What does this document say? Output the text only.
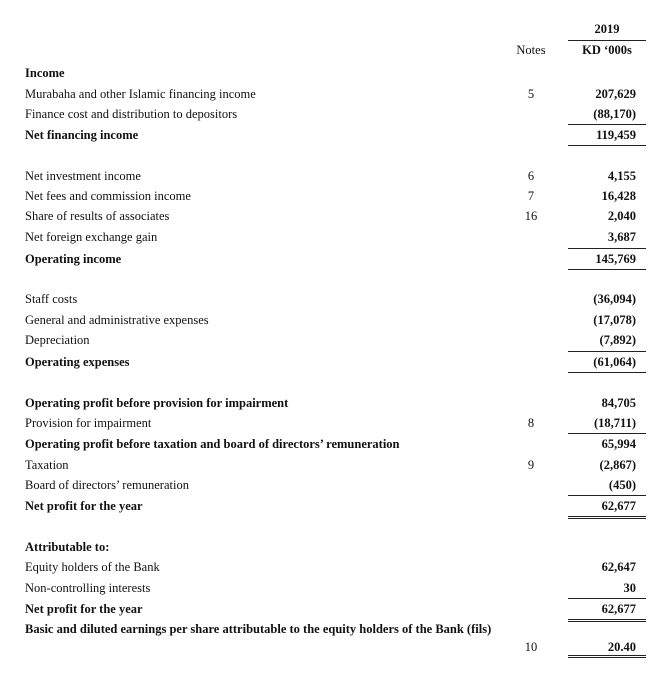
2019
Notes	KD ‘000s
Income
Murabaha and other Islamic financing income	5	207,629
Finance cost and distribution to depositors	(88,170)
Net financing income	119,459
Net investment income	6	4,155
Net fees and commission income	7	16,428
Share of results of associates	16	2,040
Net foreign exchange gain	3,687
Operating income	145,769
Staff costs	(36,094)
General and administrative expenses	(17,078)
Depreciation	(7,892)
Operating expenses	(61,064)
Operating profit before provision for impairment	84,705
Provision for impairment	8	(18,711)
Operating profit before taxation and board of directors’ remuneration	65,994
Taxation	9	(2,867)
Board of directors’ remuneration	(450)
Net profit for the year	62,677
Attributable to:
Equity holders of the Bank	62,647
Non-controlling interests	30
Net profit for the year	62,677
Basic and diluted earnings per share attributable to the equity holders of the Bank (fils)
10	20.40
